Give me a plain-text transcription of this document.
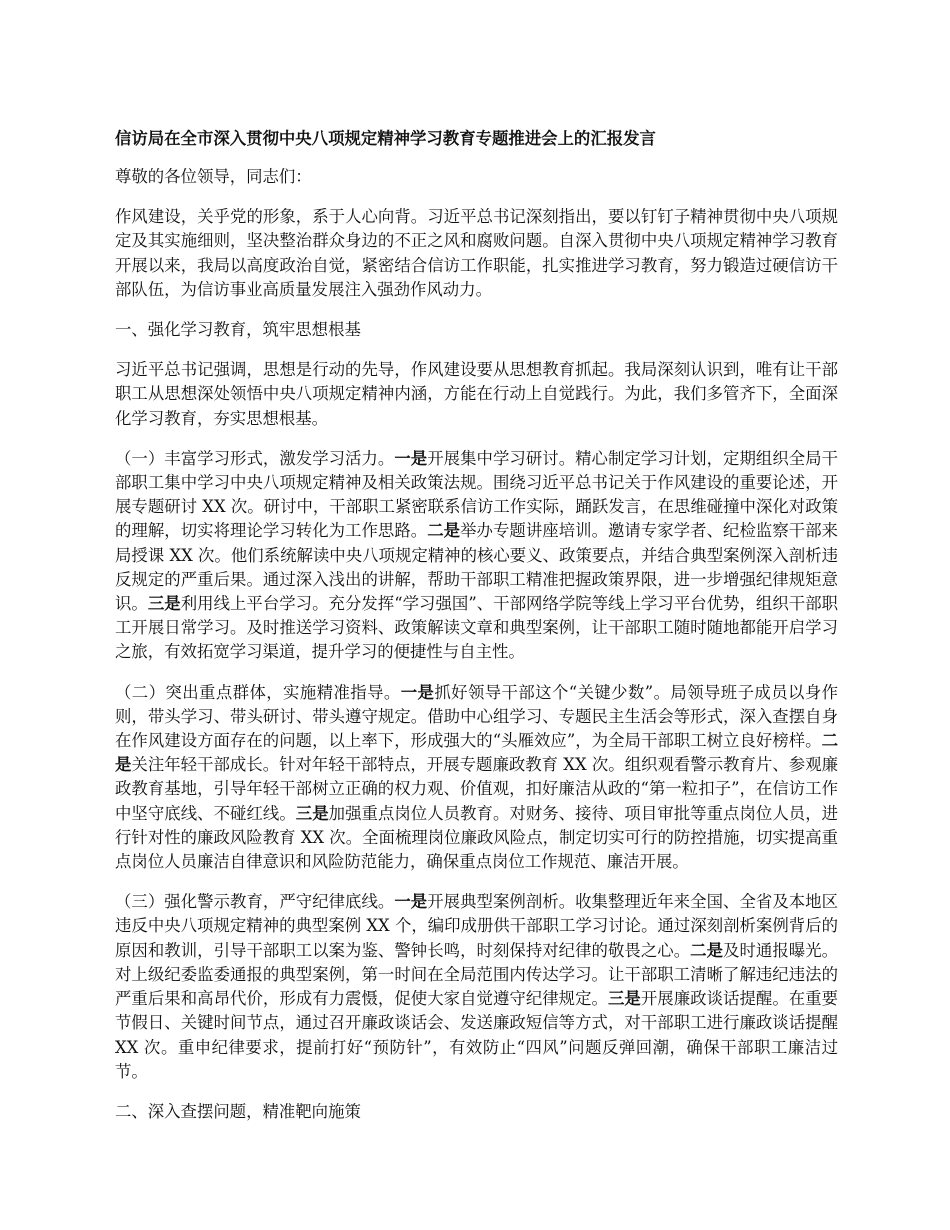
信访局在全市深入贯彻中央八项规定精神学习教育专题推进会上的汇报发言

尊敬的各位领导，同志们：

作风建设，关乎党的形象，系于人心向背。习近平总书记深刻指出，要以钉钉子精神贯彻中央八项规定及其实施细则，坚决整治群众身边的不正之风和腐败问题。自深入贯彻中央八项规定精神学习教育开展以来，我局以高度政治自觉，紧密结合信访工作职能，扎实推进学习教育，努力锻造过硬信访干部队伍，为信访事业高质量发展注入强劲作风动力。

一、强化学习教育，筑牢思想根基

习近平总书记强调，思想是行动的先导，作风建设要从思想教育抓起。我局深刻认识到，唯有让干部职工从思想深处领悟中央八项规定精神内涵，方能在行动上自觉践行。为此，我们多管齐下，全面深化学习教育，夯实思想根基。

（一）丰富学习形式，激发学习活力。一是开展集中学习研讨。精心制定学习计划，定期组织全局干部职工集中学习中央八项规定精神及相关政策法规。围绕习近平总书记关于作风建设的重要论述，开展专题研讨 XX 次。研讨中，干部职工紧密联系信访工作实际，踊跃发言，在思维碰撞中深化对政策的理解，切实将理论学习转化为工作思路。二是举办专题讲座培训。邀请专家学者、纪检监察干部来局授课 XX 次。他们系统解读中央八项规定精神的核心要义、政策要点，并结合典型案例深入剖析违反规定的严重后果。通过深入浅出的讲解，帮助干部职工精准把握政策界限，进一步增强纪律规矩意识。三是利用线上平台学习。充分发挥“学习强国”、干部网络学院等线上学习平台优势，组织干部职工开展日常学习。及时推送学习资料、政策解读文章和典型案例，让干部职工随时随地都能开启学习之旅，有效拓宽学习渠道，提升学习的便捷性与自主性。

（二）突出重点群体，实施精准指导。一是抓好领导干部这个“关键少数”。局领导班子成员以身作则，带头学习、带头研讨、带头遵守规定。借助中心组学习、专题民主生活会等形式，深入查摆自身在作风建设方面存在的问题，以上率下，形成强大的“头雁效应”，为全局干部职工树立良好榜样。二是关注年轻干部成长。针对年轻干部特点，开展专题廉政教育 XX 次。组织观看警示教育片、参观廉政教育基地，引导年轻干部树立正确的权力观、价值观，扣好廉洁从政的“第一粒扣子”，在信访工作中坚守底线、不碰红线。三是加强重点岗位人员教育。对财务、接待、项目审批等重点岗位人员，进行针对性的廉政风险教育 XX 次。全面梳理岗位廉政风险点，制定切实可行的防控措施，切实提高重点岗位人员廉洁自律意识和风险防范能力，确保重点岗位工作规范、廉洁开展。

（三）强化警示教育，严守纪律底线。一是开展典型案例剖析。收集整理近年来全国、全省及本地区违反中央八项规定精神的典型案例 XX 个，编印成册供干部职工学习讨论。通过深刻剖析案例背后的原因和教训，引导干部职工以案为鉴、警钟长鸣，时刻保持对纪律的敬畏之心。二是及时通报曝光。对上级纪委监委通报的典型案例，第一时间在全局范围内传达学习。让干部职工清晰了解违纪违法的严重后果和高昂代价，形成有力震慑，促使大家自觉遵守纪律规定。三是开展廉政谈话提醒。在重要节假日、关键时间节点，通过召开廉政谈话会、发送廉政短信等方式，对干部职工进行廉政谈话提醒 XX 次。重申纪律要求，提前打好“预防针”，有效防止“四风”问题反弹回潮，确保干部职工廉洁过节。

二、深入查摆问题，精准靶向施策
